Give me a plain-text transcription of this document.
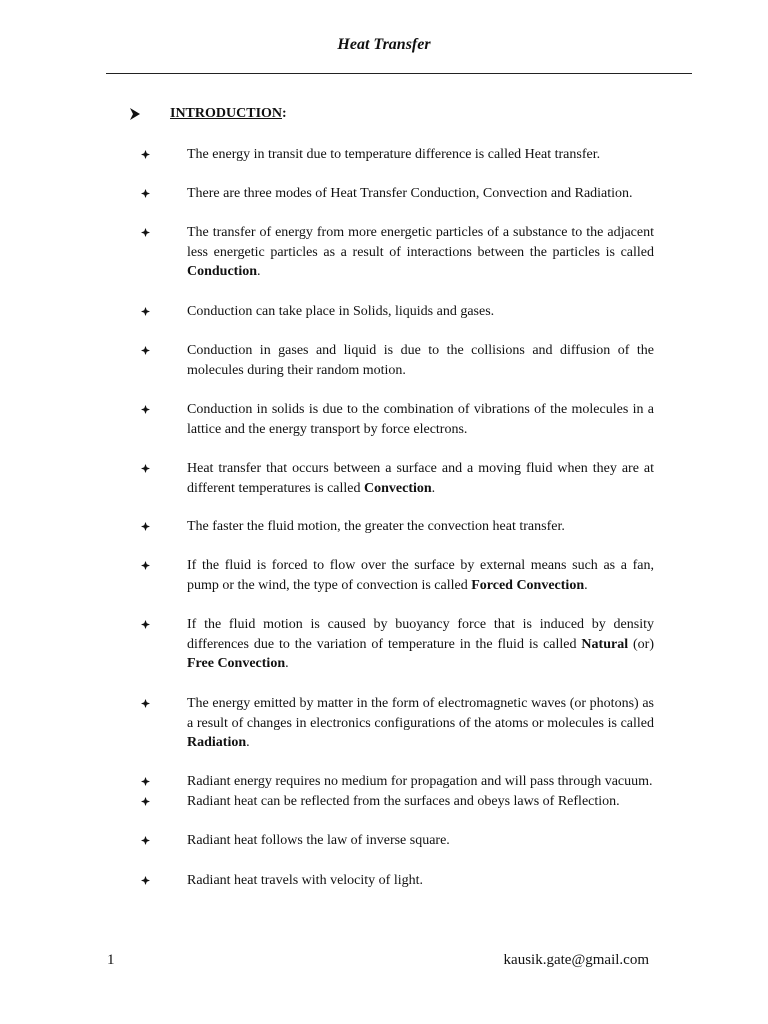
Heat Transfer
INTRODUCTION :
The energy in transit due to temperature difference is called Heat transfer.
There are three modes of Heat Transfer Conduction, Convection and Radiation.
The transfer of energy from more energetic particles of a substance to the adjacent less energetic particles as a result of interactions between the particles is called Conduction.
Conduction can take place in Solids, liquids and gases.
Conduction in gases and liquid is due to the collisions and diffusion of the molecules during their random motion.
Conduction in solids is due to the combination of vibrations of the molecules in a lattice and the energy transport by force electrons.
Heat transfer that occurs between a surface and a moving fluid when they are at different temperatures is called Convection.
The faster the fluid motion, the greater the convection heat transfer.
If the fluid is forced to flow over the surface by external means such as a fan, pump or the wind, the type of convection is called Forced Convection.
If the fluid motion is caused by buoyancy force that is induced by density differences due to the variation of temperature in the fluid is called Natural (or) Free Convection.
The energy emitted by matter in the form of electromagnetic waves (or photons) as a result of changes in electronics configurations of the atoms or molecules is called Radiation.
Radiant energy requires no medium for propagation and will pass through vacuum.
Radiant heat can be reflected from the surfaces and obeys laws of Reflection.
Radiant heat follows the law of inverse square.
Radiant heat travels with velocity of light.
1	kausik.gate@gmail.com
